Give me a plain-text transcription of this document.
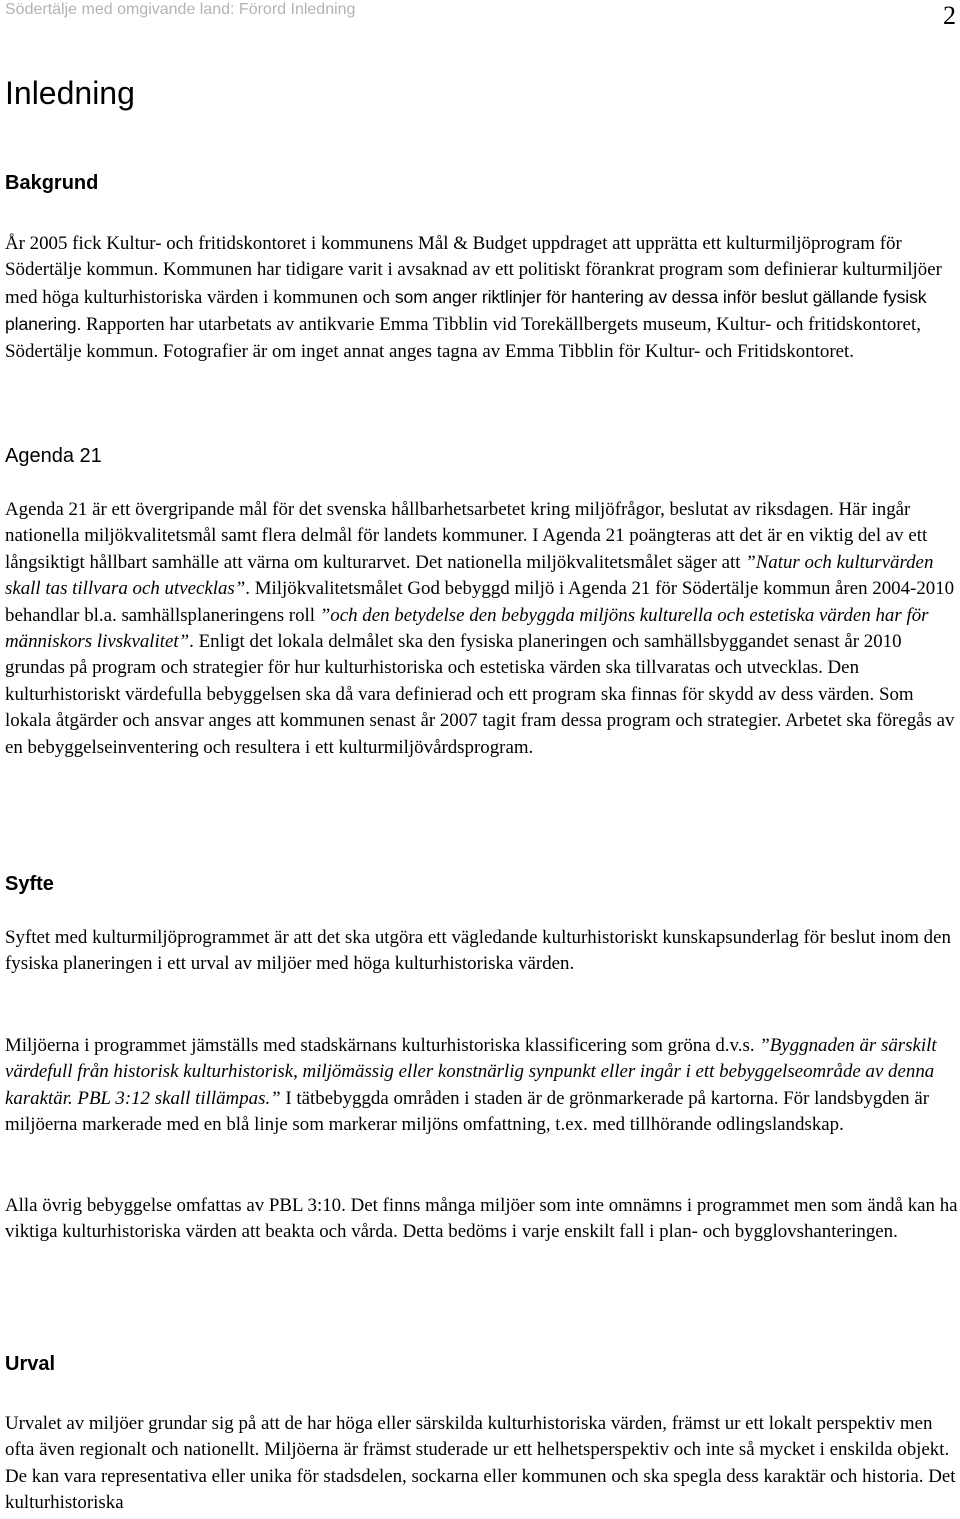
Södertälje med omgivande land: Förord Inledning	2
Inledning
Bakgrund

År 2005 fick Kultur- och fritidskontoret i kommunens Mål & Budget uppdraget att upprätta ett kulturmiljöprogram för Södertälje kommun. Kommunen har tidigare varit i avsaknad av ett politiskt förankrat program som definierar kulturmiljöer med höga kulturhistoriska värden i kommunen och som anger riktlinjer för hantering av dessa inför beslut gällande fysisk planering. Rapporten har utarbetats av antikvarie Emma Tibblin vid Torekällbergets museum, Kultur- och fritidskontoret, Södertälje kommun. Fotografier är om inget annat anges tagna av Emma Tibblin för Kultur- och Fritidskontoret.

Agenda 21

Agenda 21 är ett övergripande mål för det svenska hållbarhetsarbetet kring miljöfrågor, beslutat av riksdagen. Här ingår nationella miljökvalitetsmål samt flera delmål för landets kommuner. I Agenda 21 poängteras att det är en viktig del av ett långsiktigt hållbart samhälle att värna om kulturarvet. Det nationella miljökvalitetsmålet säger att ”Natur och kulturvärden skall tas tillvara och utvecklas”. Miljökvalitetsmålet God bebyggd miljö i Agenda 21 för Södertälje kommun åren 2004-2010 behandlar bl.a. samhällsplaneringens roll ”och den betydelse den bebyggda miljöns kulturella och estetiska värden har för människors livskvalitet”. Enligt det lokala delmålet ska den fysiska planeringen och samhällsbyggandet senast år 2010 grundas på program och strategier för hur kulturhistoriska och estetiska värden ska tillvaratas och utvecklas. Den kulturhistoriskt värdefulla bebyggelsen ska då vara definierad och ett program ska finnas för skydd av dess värden. Som lokala åtgärder och ansvar anges att kommunen senast år 2007 tagit fram dessa program och strategier. Arbetet ska föregås av en bebyggelseinventering och resultera i ett kulturmiljövårdsprogram.

Syfte

Syftet med kulturmiljöprogrammet är att det ska utgöra ett vägledande kulturhistoriskt kunskapsunderlag för beslut inom den fysiska planeringen i ett urval av miljöer med höga kulturhistoriska värden.

Miljöerna i programmet jämställs med stadskärnans kulturhistoriska klassificering som gröna d.v.s. ”Byggnaden är särskilt värdefull från historisk kulturhistorisk, miljömässig eller konstnärlig synpunkt eller ingår i ett bebyggelseområde av denna karaktär. PBL 3:12 skall tillämpas.” I tätbebyggda områden i staden är de grönmarkerade på kartorna. För landsbygden är miljöerna markerade med en blå linje som markerar miljöns omfattning, t.ex. med tillhörande odlingslandskap.

Alla övrig bebyggelse omfattas av PBL 3:10. Det finns många miljöer som inte omnämns i programmet men som ändå kan ha viktiga kulturhistoriska värden att beakta och vårda. Detta bedöms i varje enskilt fall i plan- och bygglovshanteringen.

Urval

Urvalet av miljöer grundar sig på att de har höga eller särskilda kulturhistoriska värden, främst ur ett lokalt perspektiv men ofta även regionalt och nationellt. Miljöerna är främst studerade ur ett helhetsperspektiv och inte så mycket i enskilda objekt. De kan vara representativa eller unika för stadsdelen, sockarna eller kommunen och ska spegla dess karaktär och historia. Det kulturhistoriska
